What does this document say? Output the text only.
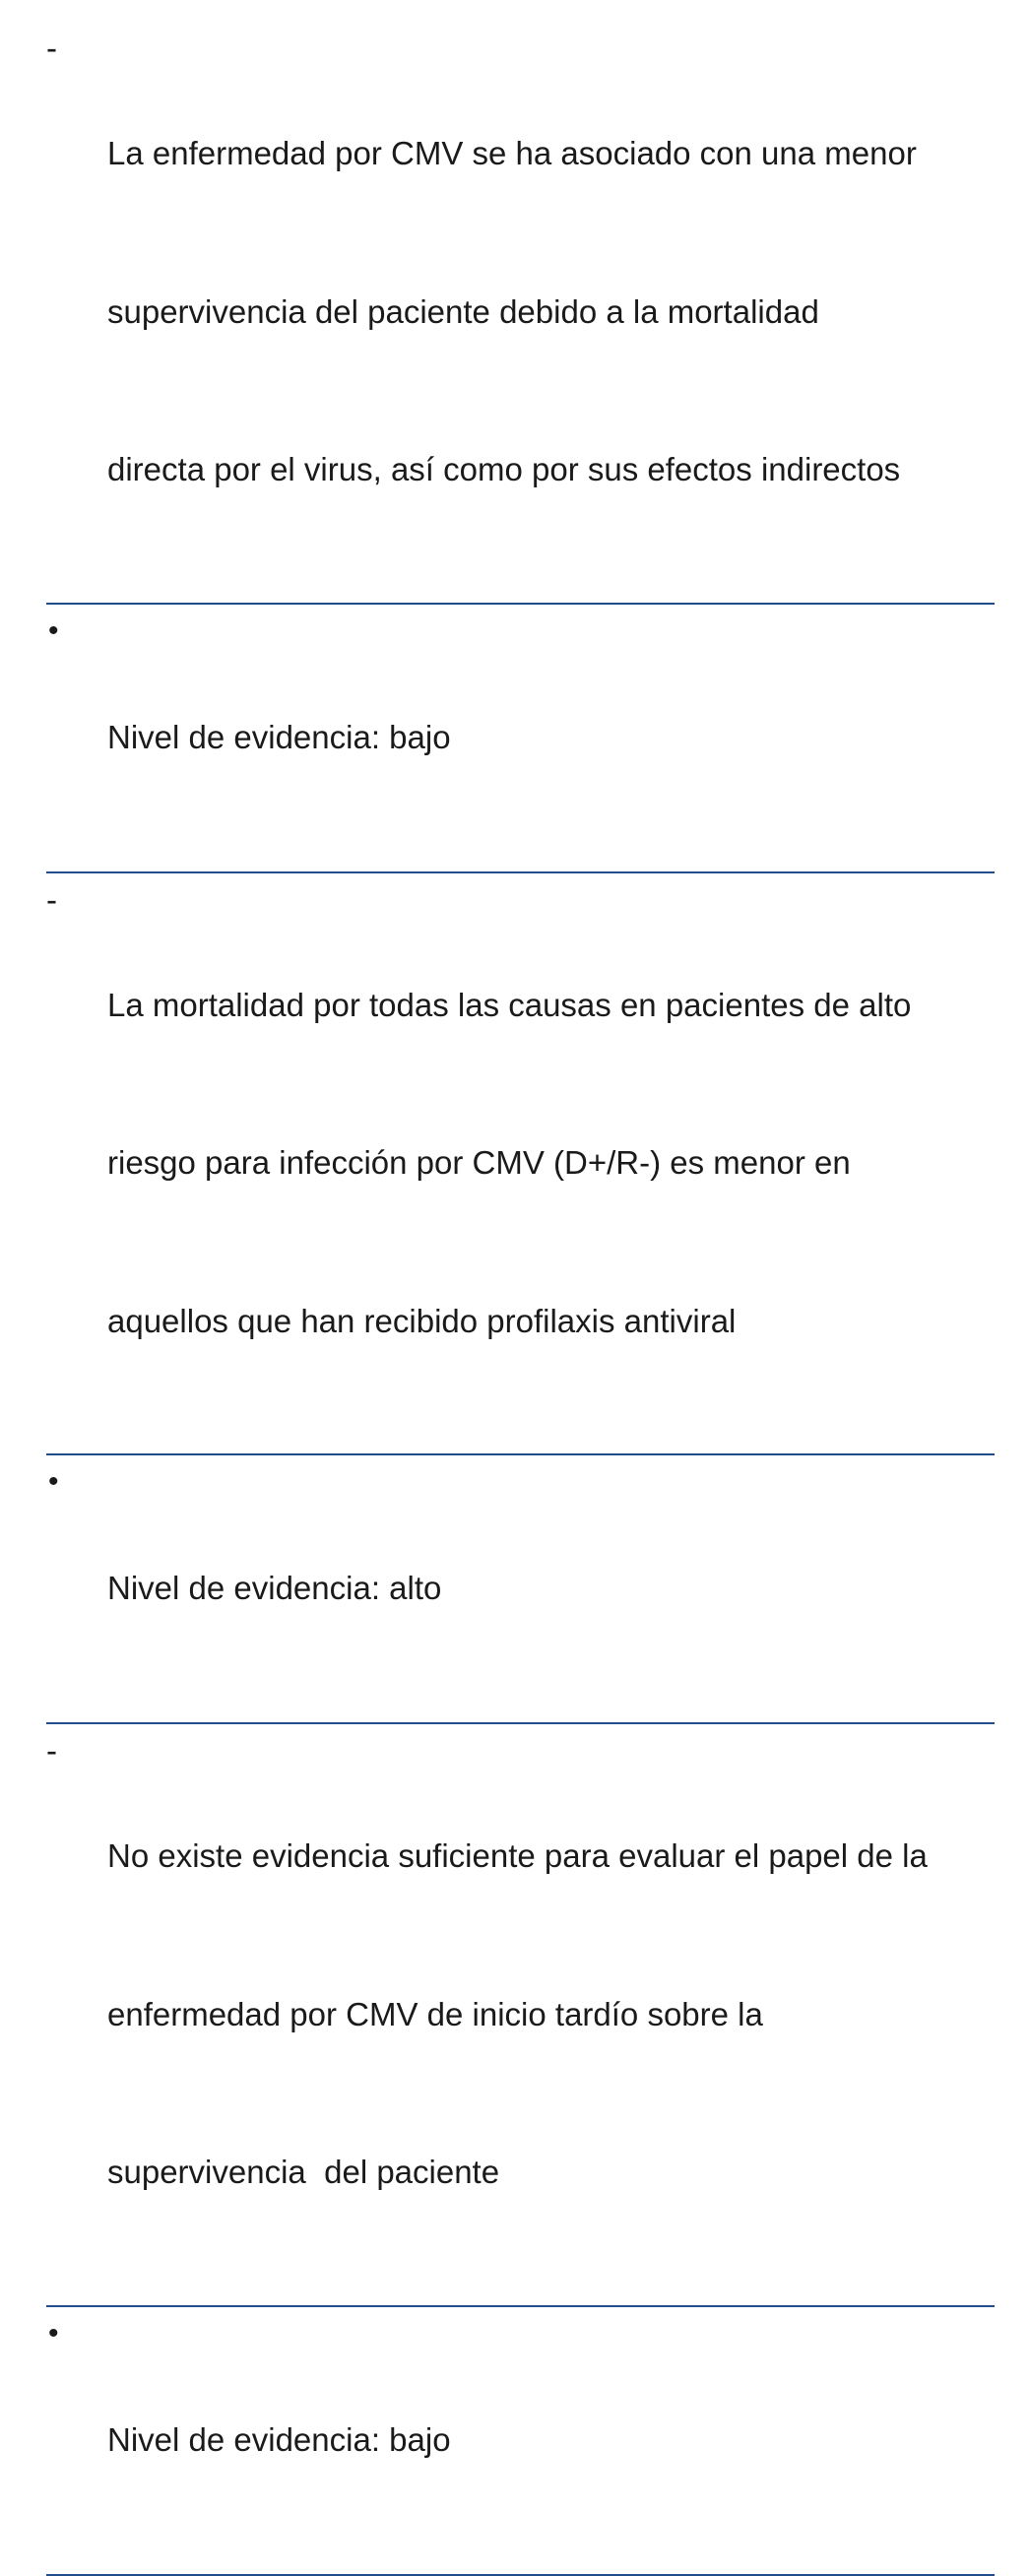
-

La enfermedad por CMV se ha asociado con una menor

supervivencia del paciente debido a la mortalidad

directa por el virus, así como por sus efectos indirectos

•

Nivel de evidencia: bajo

-

La mortalidad por todas las causas en pacientes de alto

riesgo para infección por CMV (D+/R-) es menor en

aquellos que han recibido profilaxis antiviral

•

Nivel de evidencia: alto

-

No existe evidencia suficiente para evaluar el papel de la

enfermedad por CMV de inicio tardío sobre la

supervivencia  del paciente

•

Nivel de evidencia: bajo
